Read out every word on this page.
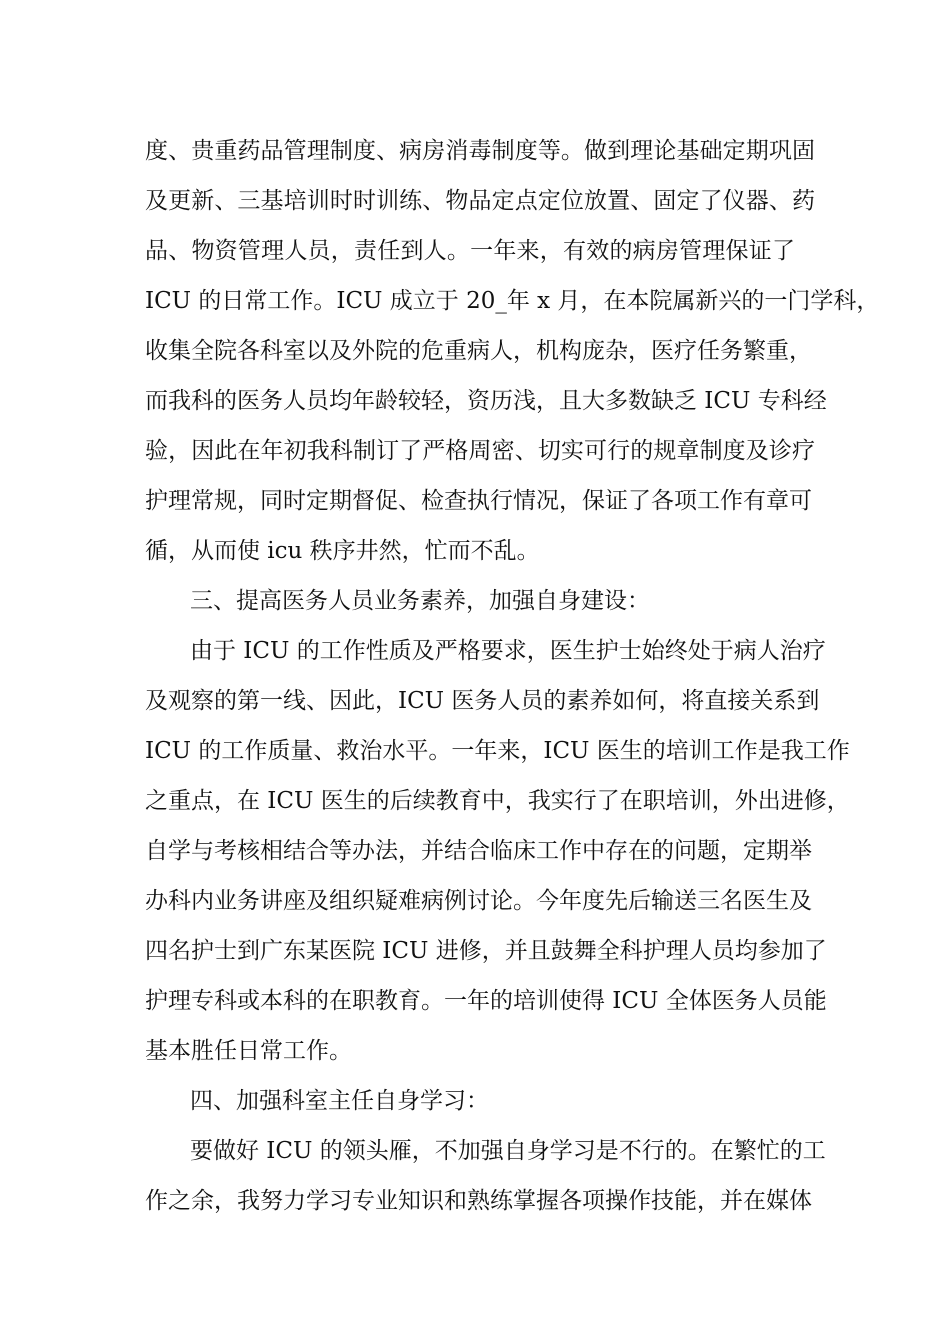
度、贵重药品管理制度、病房消毒制度等。做到理论基础定期巩固
及更新、三基培训时时训练、物品定点定位放置、固定了仪器、药
品、物资管理人员，责任到人。一年来，有效的病房管理保证了
ICU 的日常工作。ICU 成立于 20_年 x 月，在本院属新兴的一门学科，
收集全院各科室以及外院的危重病人，机构庞杂，医疗任务繁重，
而我科的医务人员均年龄较轻，资历浅，且大多数缺乏 ICU 专科经
验，因此在年初我科制订了严格周密、切实可行的规章制度及诊疗
护理常规，同时定期督促、检查执行情况，保证了各项工作有章可
循，从而使 icu 秩序井然，忙而不乱。
三、提高医务人员业务素养，加强自身建设：
由于 ICU 的工作性质及严格要求，医生护士始终处于病人治疗
及观察的第一线、因此，ICU 医务人员的素养如何，将直接关系到
ICU 的工作质量、救治水平。一年来，ICU 医生的培训工作是我工作
之重点，在 ICU 医生的后续教育中，我实行了在职培训，外出进修，
自学与考核相结合等办法，并结合临床工作中存在的问题，定期举
办科内业务讲座及组织疑难病例讨论。今年度先后输送三名医生及
四名护士到广东某医院 ICU 进修，并且鼓舞全科护理人员均参加了
护理专科或本科的在职教育。一年的培训使得 ICU 全体医务人员能
基本胜任日常工作。
四、加强科室主任自身学习：
要做好 ICU 的领头雁，不加强自身学习是不行的。在繁忙的工
作之余，我努力学习专业知识和熟练掌握各项操作技能，并在媒体
